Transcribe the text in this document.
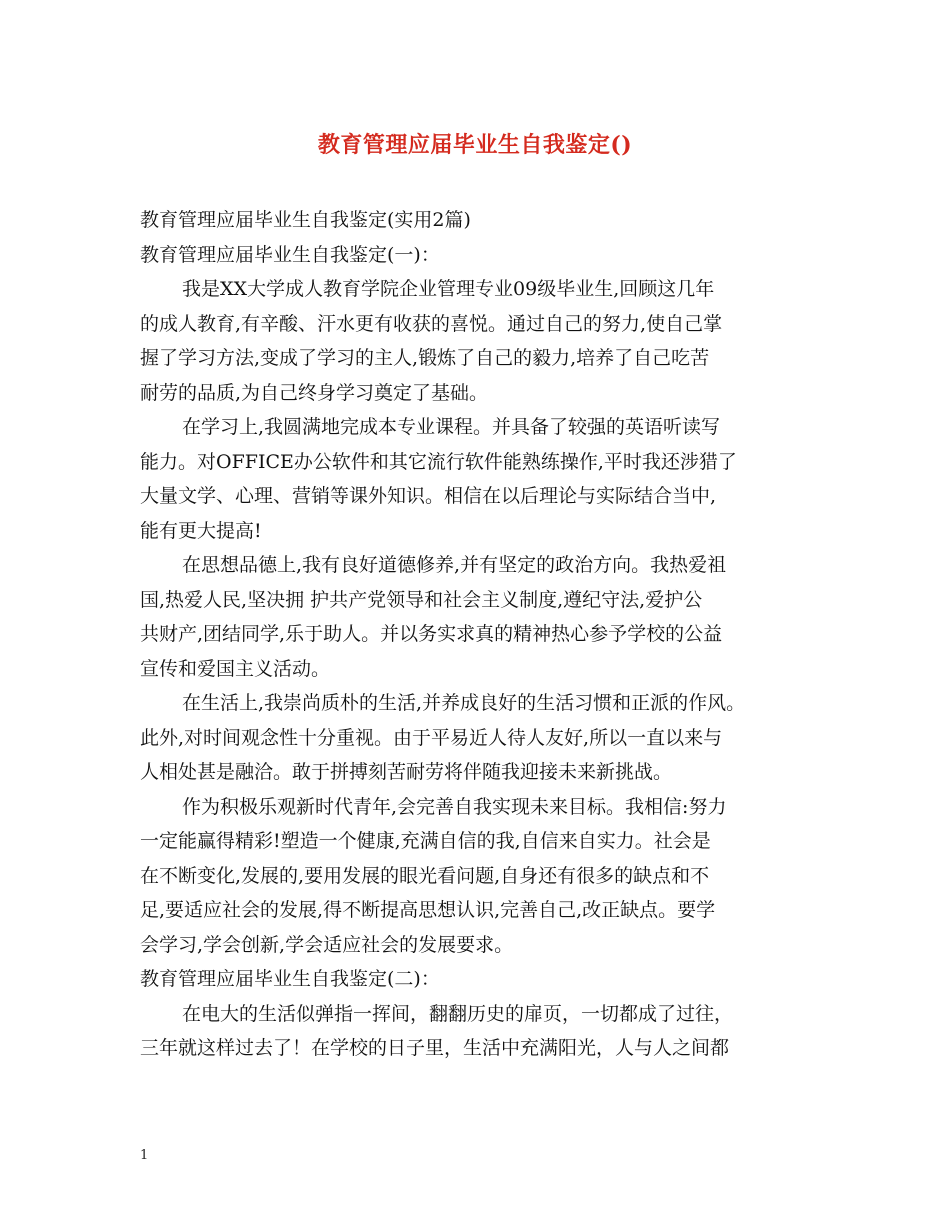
教育管理应届毕业生自我鉴定()

教育管理应届毕业生自我鉴定(实用2篇)

教育管理应届毕业生自我鉴定(一)：

我是XX大学成人教育学院企业管理专业09级毕业生,回顾这几年

的成人教育,有辛酸、汗水更有收获的喜悦。通过自己的努力,使自己掌

握了学习方法,变成了学习的主人,锻炼了自己的毅力,培养了自己吃苦

耐劳的品质,为自己终身学习奠定了基础。

在学习上,我圆满地完成本专业课程。并具备了较强的英语听读写

能力。对OFFICE办公软件和其它流行软件能熟练操作,平时我还涉猎了

大量文学、心理、营销等课外知识。相信在以后理论与实际结合当中,

能有更大提高!

在思想品德上,我有良好道德修养,并有坚定的政治方向。我热爱祖

国,热爱人民,坚决拥 护共产党领导和社会主义制度,遵纪守法,爱护公

共财产,团结同学,乐于助人。并以务实求真的精神热心参予学校的公益

宣传和爱国主义活动。

在生活上,我崇尚质朴的生活,并养成良好的生活习惯和正派的作风。

此外,对时间观念性十分重视。由于平易近人待人友好,所以一直以来与

人相处甚是融洽。敢于拼搏刻苦耐劳将伴随我迎接未来新挑战。

作为积极乐观新时代青年,会完善自我实现未来目标。我相信:努力

一定能赢得精彩!塑造一个健康,充满自信的我,自信来自实力。社会是

在不断变化,发展的,要用发展的眼光看问题,自身还有很多的缺点和不

足,要适应社会的发展,得不断提高思想认识,完善自己,改正缺点。要学

会学习,学会创新,学会适应社会的发展要求。

教育管理应届毕业生自我鉴定(二)：

在电大的生活似弹指一挥间，翻翻历史的扉页，一切都成了过往，

三年就这样过去了！在学校的日子里，生活中充满阳光，人与人之间都

1
